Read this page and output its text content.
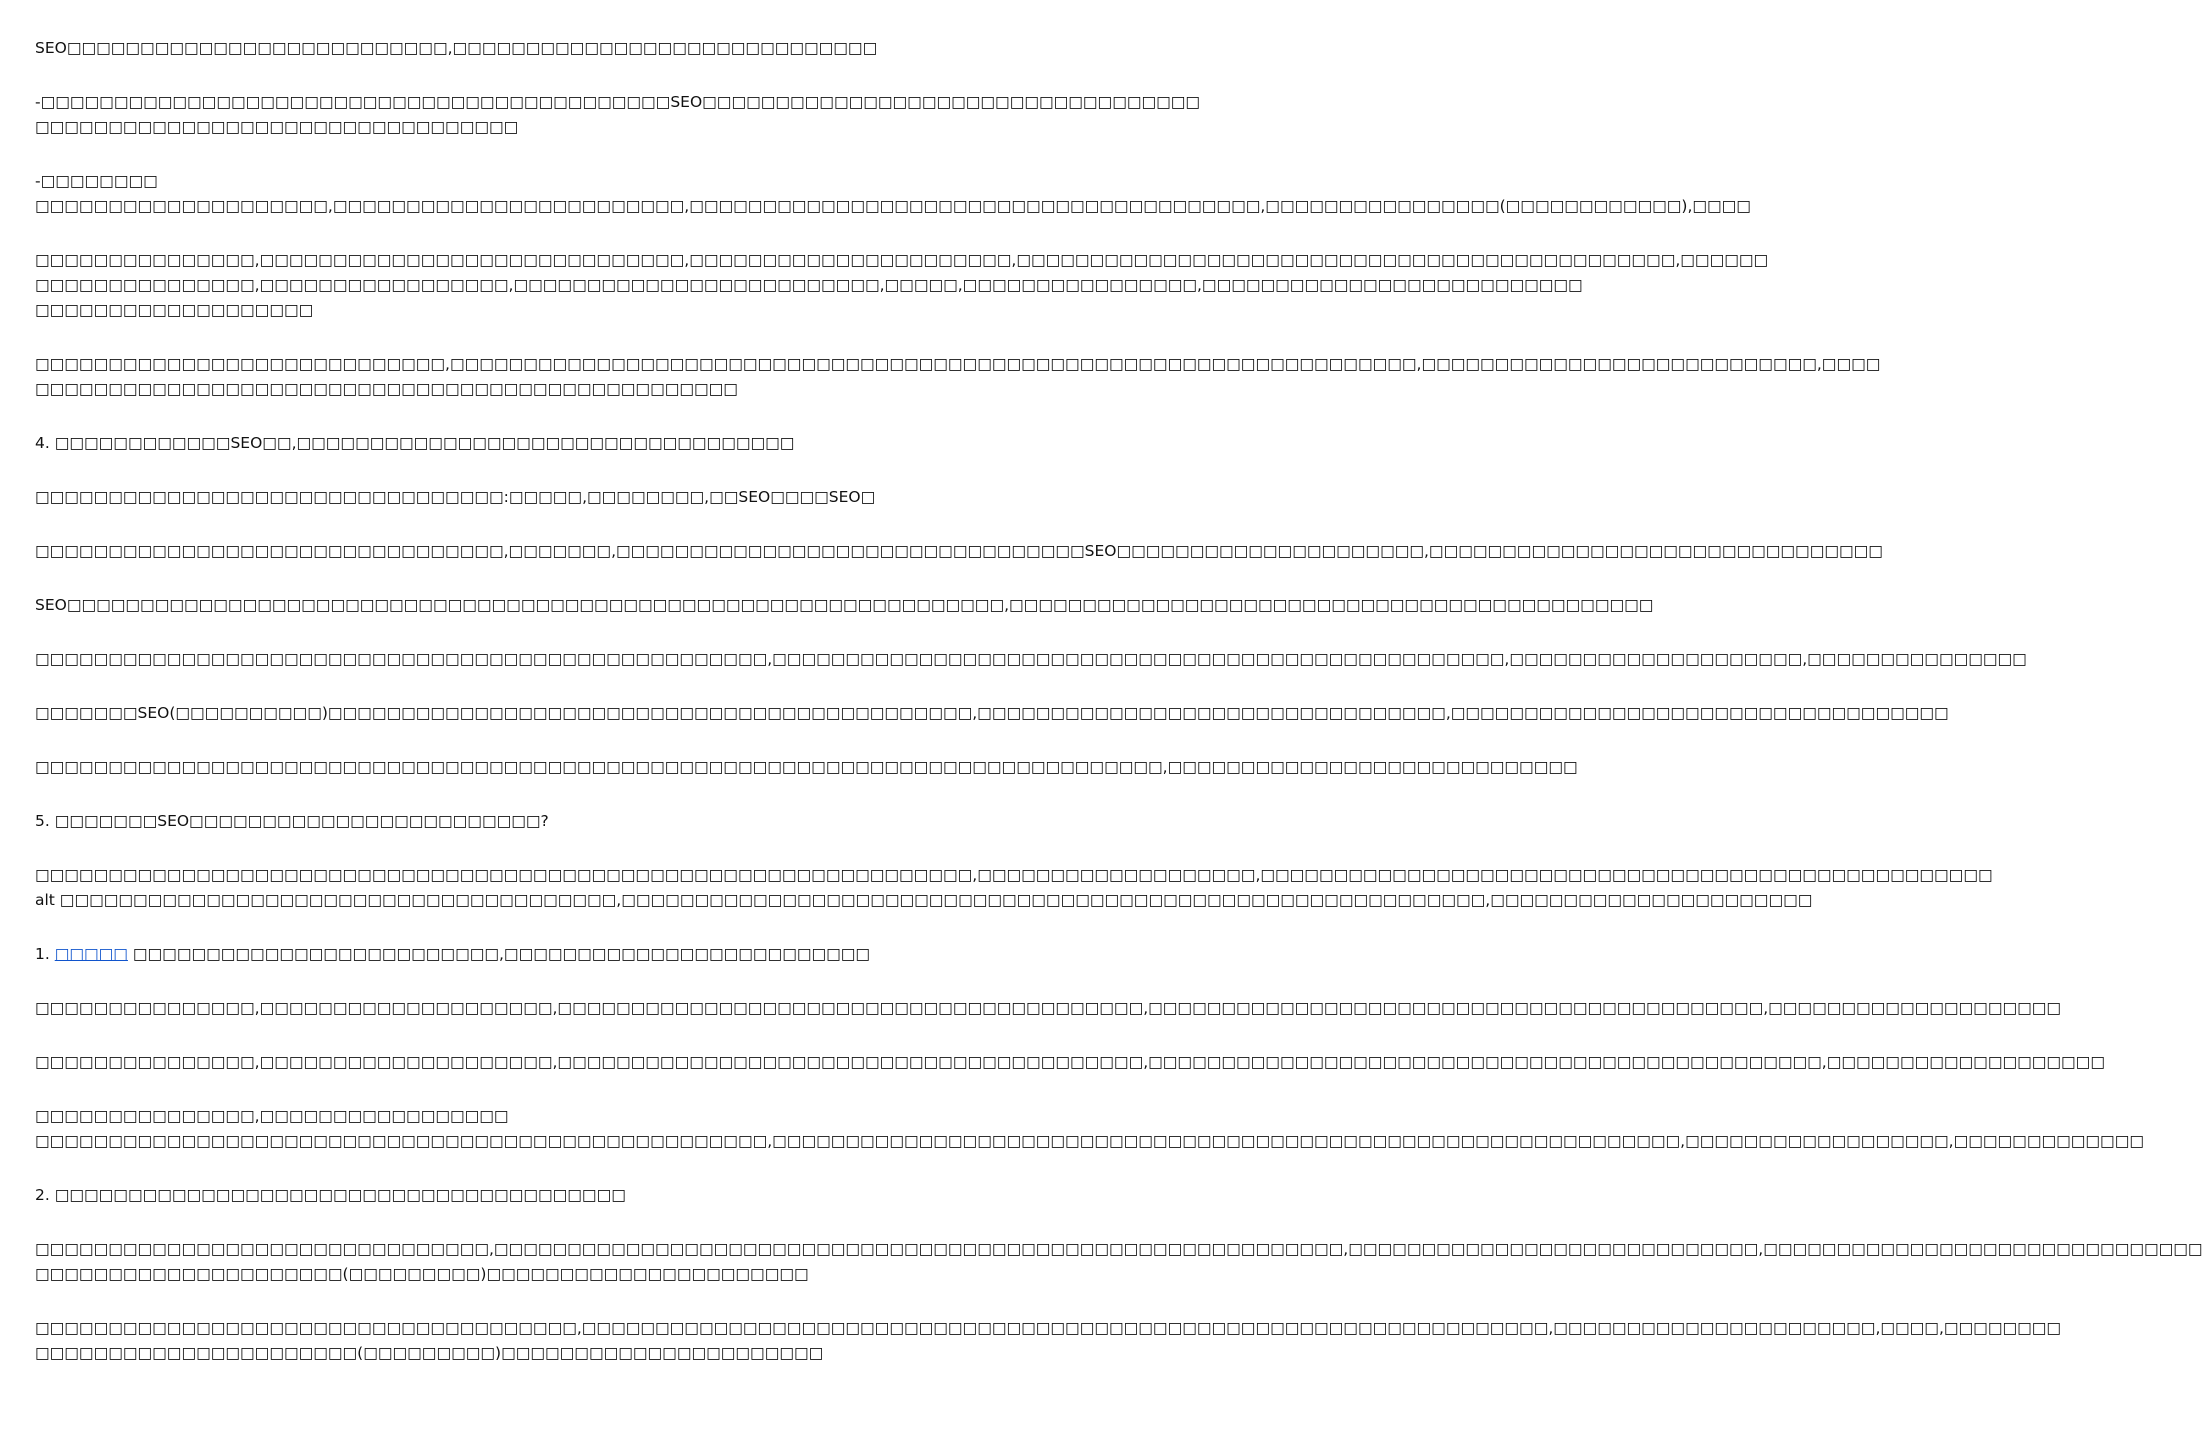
SEO□□□□□□□□□□□□□□□□□□□□□□□□□□,□□□□□□□□□□□□□□□□□□□□□□□□□□□□□

-□□□□□□□□□□□□□□□□□□□□□□□□□□□□□□□□□□□□□□□□□□□SEO□□□□□□□□□□□□□□□□□□□□□□□□□□□□□□□□□□
□□□□□□□□□□□□□□□□□□□□□□□□□□□□□□□□□

-□□□□□□□□
□□□□□□□□□□□□□□□□□□□□,□□□□□□□□□□□□□□□□□□□□□□□□,□□□□□□□□□□□□□□□□□□□□□□□□□□□□□□□□□□□□□□□,□□□□□□□□□□□□□□□□(□□□□□□□□□□□□),□□□□

□□□□□□□□□□□□□□□,□□□□□□□□□□□□□□□□□□□□□□□□□□□□□,□□□□□□□□□□□□□□□□□□□□□□,□□□□□□□□□□□□□□□□□□□□□□□□□□□□□□□□□□□□□□□□□□□□□,□□□□□□
□□□□□□□□□□□□□□□,□□□□□□□□□□□□□□□□□,□□□□□□□□□□□□□□□□□□□□□□□□□,□□□□□,□□□□□□□□□□□□□□□□,□□□□□□□□□□□□□□□□□□□□□□□□□□
□□□□□□□□□□□□□□□□□□□

□□□□□□□□□□□□□□□□□□□□□□□□□□□□,□□□□□□□□□□□□□□□□□□□□□□□□□□□□□□□□□□□□□□□□□□□□□□□□□□□□□□□□□□□□□□□□□□,□□□□□□□□□□□□□□□□□□□□□□□□□□□,□□□□
□□□□□□□□□□□□□□□□□□□□□□□□□□□□□□□□□□□□□□□□□□□□□□□□

4. □□□□□□□□□□□□SEO□□,□□□□□□□□□□□□□□□□□□□□□□□□□□□□□□□□□□

□□□□□□□□□□□□□□□□□□□□□□□□□□□□□□□□:□□□□□,□□□□□□□□,□□SEO□□□□SEO□

□□□□□□□□□□□□□□□□□□□□□□□□□□□□□□□□,□□□□□□□,□□□□□□□□□□□□□□□□□□□□□□□□□□□□□□□□SEO□□□□□□□□□□□□□□□□□□□□□,□□□□□□□□□□□□□□□□□□□□□□□□□□□□□□□

SEO□□□□□□□□□□□□□□□□□□□□□□□□□□□□□□□□□□□□□□□□□□□□□□□□□□□□□□□□□□□□□□□□,□□□□□□□□□□□□□□□□□□□□□□□□□□□□□□□□□□□□□□□□□□□□

□□□□□□□□□□□□□□□□□□□□□□□□□□□□□□□□□□□□□□□□□□□□□□□□□□,□□□□□□□□□□□□□□□□□□□□□□□□□□□□□□□□□□□□□□□□□□□□□□□□□□,□□□□□□□□□□□□□□□□□□□□,□□□□□□□□□□□□□□□

□□□□□□□SEO(□□□□□□□□□□)□□□□□□□□□□□□□□□□□□□□□□□□□□□□□□□□□□□□□□□□□□□□,□□□□□□□□□□□□□□□□□□□□□□□□□□□□□□□□,□□□□□□□□□□□□□□□□□□□□□□□□□□□□□□□□□□

□□□□□□□□□□□□□□□□□□□□□□□□□□□□□□□□□□□□□□□□□□□□□□□□□□□□□□□□□□□□□□□□□□□□□□□□□□□□□,□□□□□□□□□□□□□□□□□□□□□□□□□□□□

5. □□□□□□□SEO□□□□□□□□□□□□□□□□□□□□□□□□?

□□□□□□□□□□□□□□□□□□□□□□□□□□□□□□□□□□□□□□□□□□□□□□□□□□□□□□□□□□□□□□□□,□□□□□□□□□□□□□□□□□□□,□□□□□□□□□□□□□□□□□□□□□□□□□□□□□□□□□□□□□□□□□□□□□□□□□□
alt □□□□□□□□□□□□□□□□□□□□□□□□□□□□□□□□□□□□□□,□□□□□□□□□□□□□□□□□□□□□□□□□□□□□□□□□□□□□□□□□□□□□□□□□□□□□□□□□□□,□□□□□□□□□□□□□□□□□□□□□□

1. □□□□□ □□□□□□□□□□□□□□□□□□□□□□□□□,□□□□□□□□□□□□□□□□□□□□□□□□□

□□□□□□□□□□□□□□□,□□□□□□□□□□□□□□□□□□□□,□□□□□□□□□□□□□□□□□□□□□□□□□□□□□□□□□□□□□□□□,□□□□□□□□□□□□□□□□□□□□□□□□□□□□□□□□□□□□□□□□□□,□□□□□□□□□□□□□□□□□□□□

□□□□□□□□□□□□□□□,□□□□□□□□□□□□□□□□□□□□,□□□□□□□□□□□□□□□□□□□□□□□□□□□□□□□□□□□□□□□□,□□□□□□□□□□□□□□□□□□□□□□□□□□□□□□□□□□□□□□□□□□□□□□,□□□□□□□□□□□□□□□□□□□

□□□□□□□□□□□□□□□,□□□□□□□□□□□□□□□□□
□□□□□□□□□□□□□□□□□□□□□□□□□□□□□□□□□□□□□□□□□□□□□□□□□□,□□□□□□□□□□□□□□□□□□□□□□□□□□□□□□□□□□□□□□□□□□□□□□□□□□□□□□□□□□□□□□,□□□□□□□□□□□□□□□□□□,□□□□□□□□□□□□□

2. □□□□□□□□□□□□□□□□□□□□□□□□□□□□□□□□□□□□□□□

□□□□□□□□□□□□□□□□□□□□□□□□□□□□□□□,□□□□□□□□□□□□□□□□□□□□□□□□□□□□□□□□□□□□□□□□□□□□□□□□□□□□□□□□□□,□□□□□□□□□□□□□□□□□□□□□□□□□□□□,□□□□□□□□□□□□□□□□□□□□□□□□□□□□□□
□□□□□□□□□□□□□□□□□□□□□(□□□□□□□□□)□□□□□□□□□□□□□□□□□□□□□□

□□□□□□□□□□□□□□□□□□□□□□□□□□□□□□□□□□□□□,□□□□□□□□□□□□□□□□□□□□□□□□□□□□□□□□□□□□□□□□□□□□□□□□□□□□□□□□□□□□□□□□□□,□□□□□□□□□□□□□□□□□□□□□□,□□□□,□□□□□□□□
□□□□□□□□□□□□□□□□□□□□□□(□□□□□□□□□)□□□□□□□□□□□□□□□□□□□□□□
